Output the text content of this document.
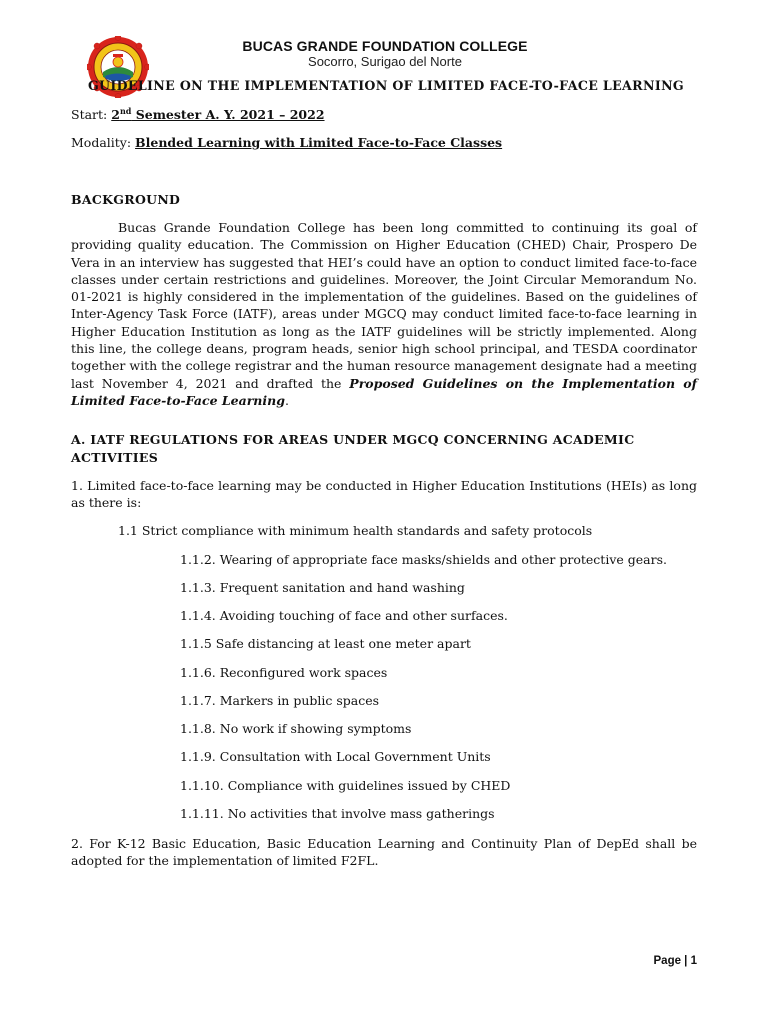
BUCAS GRANDE FOUNDATION COLLEGE
Socorro, Surigao del Norte
GUIDELINE ON THE IMPLEMENTATION OF LIMITED FACE-TO-FACE LEARNING
Start: 2nd Semester A. Y. 2021 – 2022
Modality: Blended Learning with Limited Face-to-Face Classes
BACKGROUND
Bucas Grande Foundation College has been long committed to continuing its goal of providing quality education. The Commission on Higher Education (CHED) Chair, Prospero De Vera in an interview has suggested that HEI’s could have an option to conduct limited face-to-face classes under certain restrictions and guidelines. Moreover, the Joint Circular Memorandum No. 01-2021 is highly considered in the implementation of the guidelines. Based on the guidelines of Inter-Agency Task Force (IATF), areas under MGCQ may conduct limited face-to-face learning in Higher Education Institution as long as the IATF guidelines will be strictly implemented. Along this line, the college deans, program heads, senior high school principal, and TESDA coordinator together with the college registrar and the human resource management designate had a meeting last November 4, 2021 and drafted the Proposed Guidelines on the Implementation of Limited Face-to-Face Learning.
A. IATF REGULATIONS FOR AREAS UNDER MGCQ CONCERNING ACADEMIC
ACTIVITIES
1. Limited face-to-face learning may be conducted in Higher Education Institutions (HEIs) as long as there is:
1.1 Strict compliance with minimum health standards and safety protocols
1.1.2. Wearing of appropriate face masks/shields and other protective gears.
1.1.3. Frequent sanitation and hand washing
1.1.4. Avoiding touching of face and other surfaces.
1.1.5 Safe distancing at least one meter apart
1.1.6. Reconfigured work spaces
1.1.7. Markers in public spaces
1.1.8. No work if showing symptoms
1.1.9. Consultation with Local Government Units
1.1.10. Compliance with guidelines issued by CHED
1.1.11. No activities that involve mass gatherings
2. For K-12 Basic Education, Basic Education Learning and Continuity Plan of DepEd shall be adopted for the implementation of limited F2FL.
Page | 1
